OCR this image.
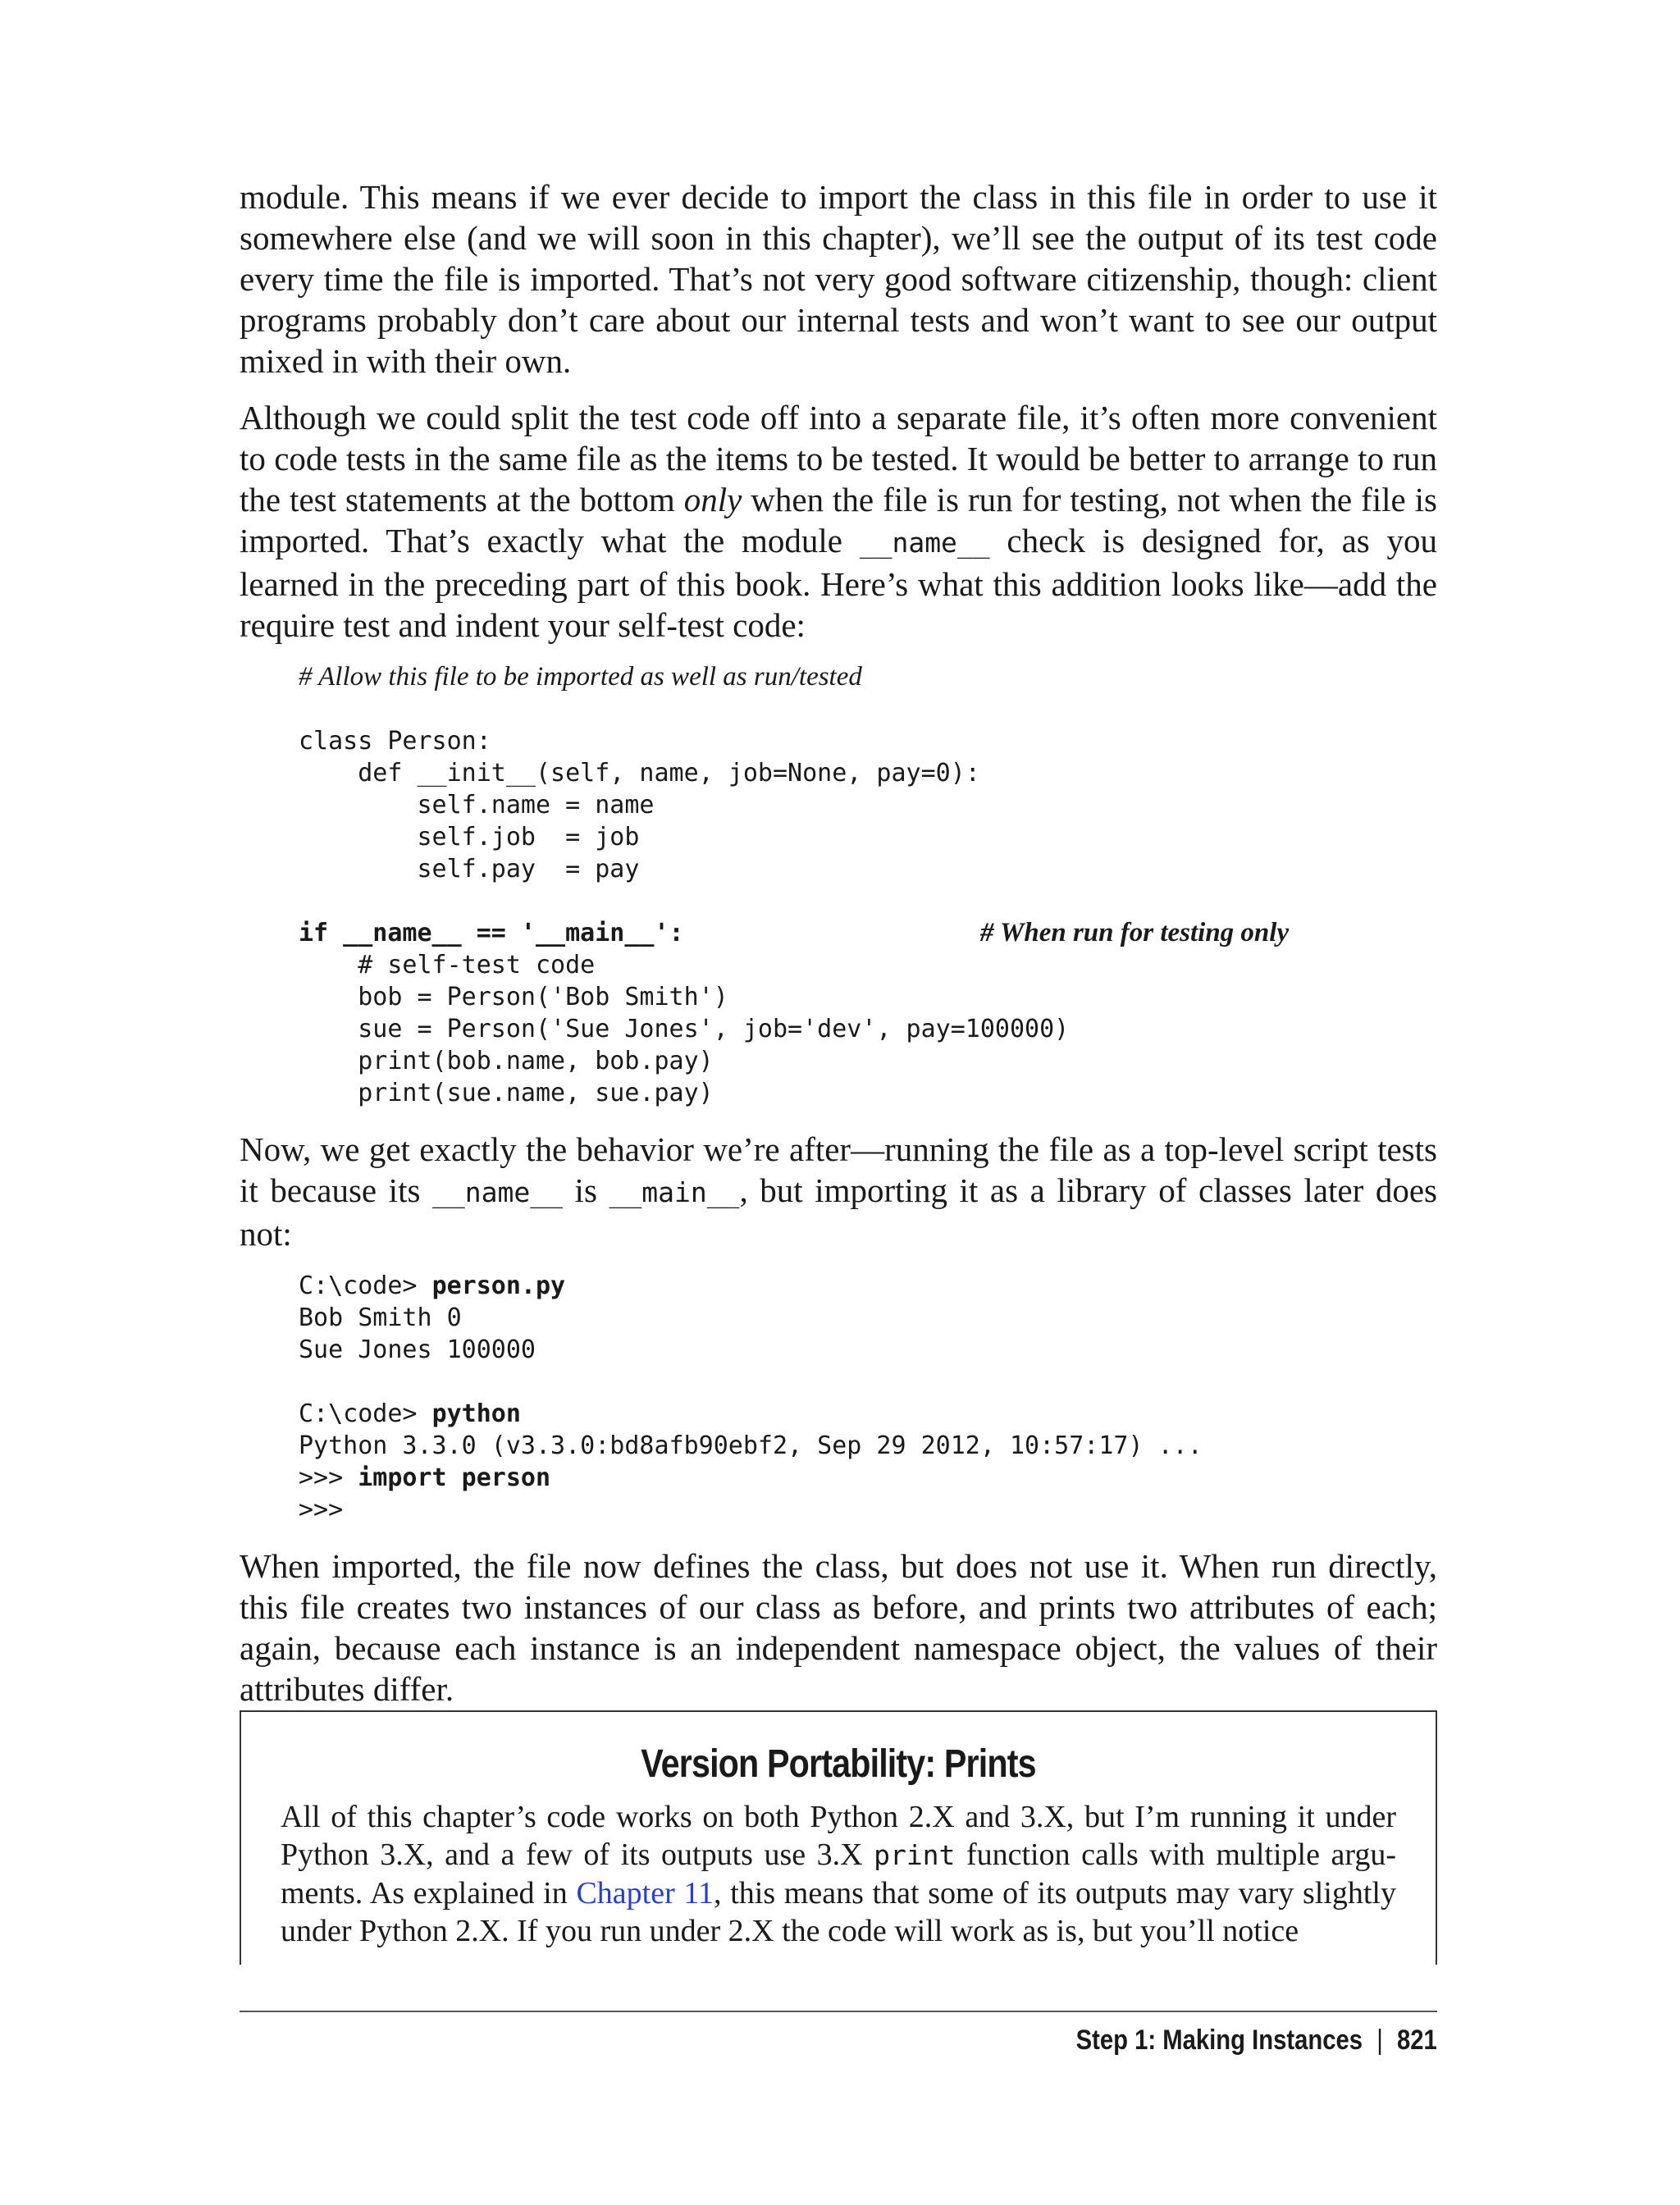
module. This means if we ever decide to import the class in this file in order to use it somewhere else (and we will soon in this chapter), we’ll see the output of its test code every time the file is imported. That’s not very good software citizenship, though: client programs probably don’t care about our internal tests and won’t want to see our output mixed in with their own.

Although we could split the test code off into a separate file, it’s often more convenient to code tests in the same file as the items to be tested. It would be better to arrange to run the test statements at the bottom only when the file is run for testing, not when the file is imported. That’s exactly what the module __name__ check is designed for, as you learned in the preceding part of this book. Here’s what this addition looks like—add the require test and indent your self-test code:

# Allow this file to be imported as well as run/tested
class Person:
def __init__(self, name, job=None, pay=0):
self.name = name
self.job  = job
self.pay  = pay
if __name__ == '__main__':                    # When run for testing only
# self-test code
bob = Person('Bob Smith')
sue = Person('Sue Jones', job='dev', pay=100000)
print(bob.name, bob.pay)
print(sue.name, sue.pay)

Now, we get exactly the behavior we’re after—running the file as a top-level script tests it because its __name__ is __main__, but importing it as a library of classes later does not:

C:\code> person.py
Bob Smith 0
Sue Jones 100000
C:\code> python
Python 3.3.0 (v3.3.0:bd8afb90ebf2, Sep 29 2012, 10:57:17) ...
>>> import person
>>>

When imported, the file now defines the class, but does not use it. When run directly, this file creates two instances of our class as before, and prints two attributes of each; again, because each instance is an independent namespace object, the values of their attributes differ.

Version Portability: Prints

All of this chapter’s code works on both Python 2.X and 3.X, but I’m running it under Python 3.X, and a few of its outputs use 3.X print function calls with multiple arguments. As explained in Chapter 11, this means that some of its outputs may vary slightly under Python 2.X. If you run under 2.X the code will work as is, but you’ll notice

Step 1: Making Instances | 821
